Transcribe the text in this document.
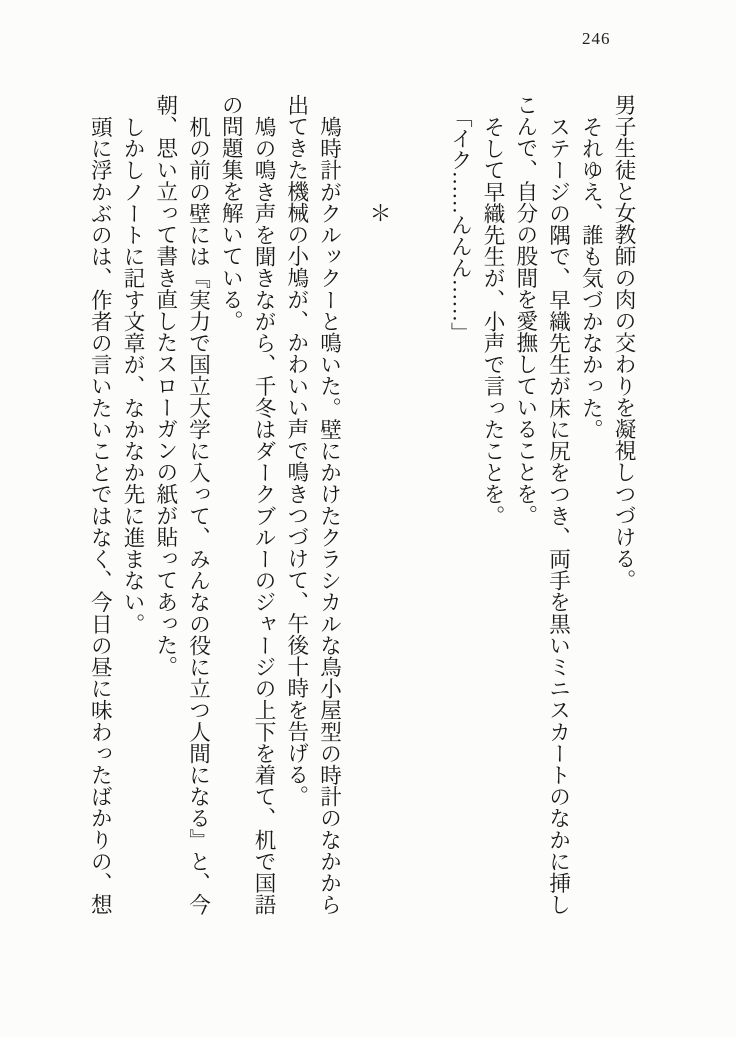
246

男子生徒と女教師の肉の交わりを凝視しつづける。

それゆえ、誰も気づかなかった。

ステージの隅で、早織先生が床に尻をつき、両手を黒いミニスカートのなかに挿し

こんで、自分の股間を愛撫していることを。

そして早織先生が、小声で言ったことを。

「イク……んんん……」

＊

鳩時計がクルックーと鳴いた。壁にかけたクラシカルな鳥小屋型の時計のなかから

出てきた機械の小鳩が、かわいい声で鳴きつづけて、午後十時を告げる。

鳩の鳴き声を聞きながら、千冬はダークブルーのジャージの上下を着て、机で国語

の問題集を解いている。

机の前の壁には『実力で国立大学に入って、みんなの役に立つ人間になる』と、今

朝、思い立って書き直したスローガンの紙が貼ってあった。

しかしノートに記す文章が、なかなか先に進まない。

頭に浮かぶのは、作者の言いたいことではなく、今日の昼に味わったばかりの、想
